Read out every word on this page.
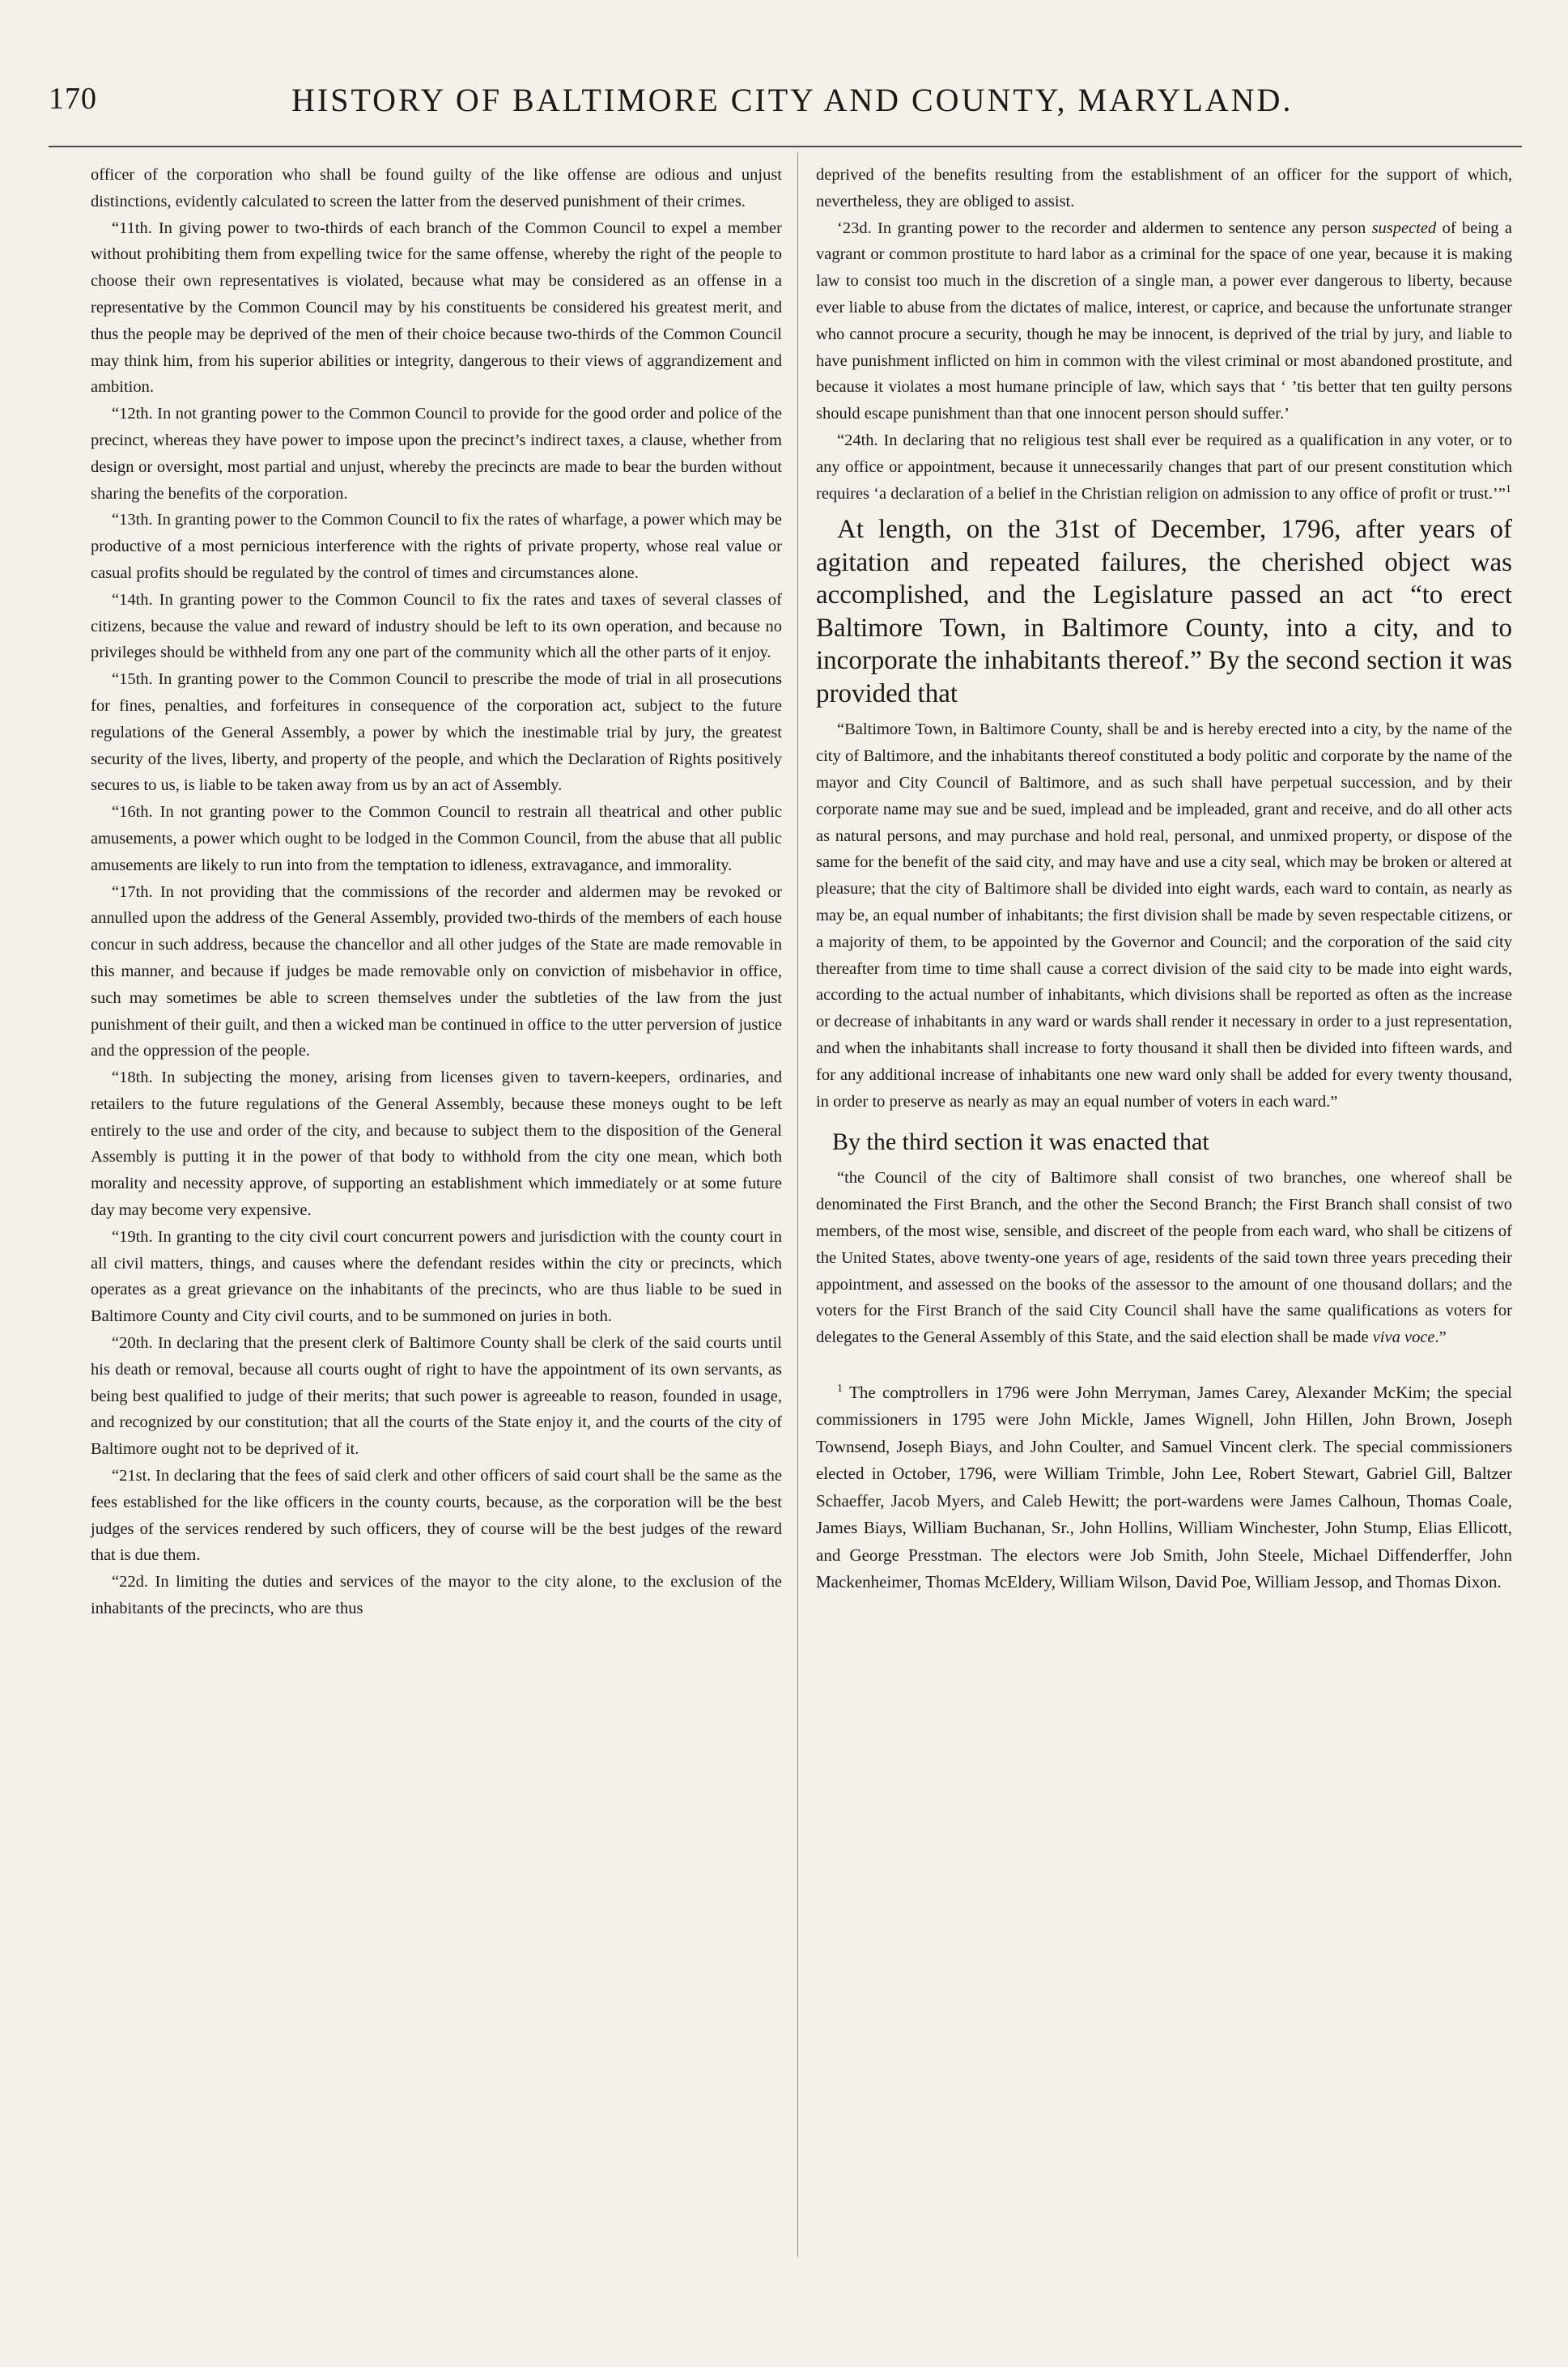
170	HISTORY OF BALTIMORE CITY AND COUNTY, MARYLAND.

officer of the corporation who shall be found guilty of the like offense are odious and unjust distinctions, evidently calculated to screen the latter from the deserved punishment of their crimes.

“11th. In giving power to two-thirds of each branch of the Common Council to expel a member without prohibiting them from expelling twice for the same offense, whereby the right of the people to choose their own representatives is violated, because what may be considered as an offense in a representative by the Common Council may by his constituents be considered his greatest merit, and thus the people may be deprived of the men of their choice because two-thirds of the Common Council may think him, from his superior abilities or integrity, dangerous to their views of aggrandizement and ambition.

“12th. In not granting power to the Common Council to provide for the good order and police of the precinct, whereas they have power to impose upon the precinct’s indirect taxes, a clause, whether from design or oversight, most partial and unjust, whereby the precincts are made to bear the burden without sharing the benefits of the corporation.

“13th. In granting power to the Common Council to fix the rates of wharfage, a power which may be productive of a most pernicious interference with the rights of private property, whose real value or casual profits should be regulated by the control of times and circumstances alone.

“14th. In granting power to the Common Council to fix the rates and taxes of several classes of citizens, because the value and reward of industry should be left to its own operation, and because no privileges should be withheld from any one part of the community which all the other parts of it enjoy.

“15th. In granting power to the Common Council to prescribe the mode of trial in all prosecutions for fines, penalties, and forfeitures in consequence of the corporation act, subject to the future regulations of the General Assembly, a power by which the inestimable trial by jury, the greatest security of the lives, liberty, and property of the people, and which the Declaration of Rights positively secures to us, is liable to be taken away from us by an act of Assembly.

“16th. In not granting power to the Common Council to restrain all theatrical and other public amusements, a power which ought to be lodged in the Common Council, from the abuse that all public amusements are likely to run into from the temptation to idleness, extravagance, and immorality.

“17th. In not providing that the commissions of the recorder and aldermen may be revoked or annulled upon the address of the General Assembly, provided two-thirds of the members of each house concur in such address, because the chancellor and all other judges of the State are made removable in this manner, and because if judges be made removable only on conviction of misbehavior in office, such may sometimes be able to screen themselves under the subtleties of the law from the just punishment of their guilt, and then a wicked man be continued in office to the utter perversion of justice and the oppression of the people.

“18th. In subjecting the money, arising from licenses given to tavern-keepers, ordinaries, and retailers to the future regulations of the General Assembly, because these moneys ought to be left entirely to the use and order of the city, and because to subject them to the disposition of the General Assembly is putting it in the power of that body to withhold from the city one mean, which both morality and necessity approve, of supporting an establishment which immediately or at some future day may become very expensive.

“19th. In granting to the city civil court concurrent powers and jurisdiction with the county court in all civil matters, things, and causes where the defendant resides within the city or precincts, which operates as a great grievance on the inhabitants of the precincts, who are thus liable to be sued in Baltimore County and City civil courts, and to be summoned on juries in both.

“20th. In declaring that the present clerk of Baltimore County shall be clerk of the said courts until his death or removal, because all courts ought of right to have the appointment of its own servants, as being best qualified to judge of their merits; that such power is agreeable to reason, founded in usage, and recognized by our constitution; that all the courts of the State enjoy it, and the courts of the city of Baltimore ought not to be deprived of it.

“21st. In declaring that the fees of said clerk and other officers of said court shall be the same as the fees established for the like officers in the county courts, because, as the corporation will be the best judges of the services rendered by such officers, they of course will be the best judges of the reward that is due them.

“22d. In limiting the duties and services of the mayor to the city alone, to the exclusion of the inhabitants of the precincts, who are thus

deprived of the benefits resulting from the establishment of an officer for the support of which, nevertheless, they are obliged to assist.

‘23d. In granting power to the recorder and aldermen to sentence any person suspected of being a vagrant or common prostitute to hard labor as a criminal for the space of one year, because it is making law to consist too much in the discretion of a single man, a power ever dangerous to liberty, because ever liable to abuse from the dictates of malice, interest, or caprice, and because the unfortunate stranger who cannot procure a security, though he may be innocent, is deprived of the trial by jury, and liable to have punishment inflicted on him in common with the vilest criminal or most abandoned prostitute, and because it violates a most humane principle of law, which says that ‘ ’tis better that ten guilty persons should escape punishment than that one innocent person should suffer.’

“24th. In declaring that no religious test shall ever be required as a qualification in any voter, or to any office or appointment, because it unnecessarily changes that part of our present constitution which requires ‘a declaration of a belief in the Christian religion on admission to any office of profit or trust.’”$^1$

At length, on the 31st of December, 1796, after years of agitation and repeated failures, the cherished object was accomplished, and the Legislature passed an act “to erect Baltimore Town, in Baltimore County, into a city, and to incorporate the inhabitants thereof.” By the second section it was provided that

“Baltimore Town, in Baltimore County, shall be and is hereby erected into a city, by the name of the city of Baltimore, and the inhabitants thereof constituted a body politic and corporate by the name of the mayor and City Council of Baltimore, and as such shall have perpetual succession, and by their corporate name may sue and be sued, implead and be impleaded, grant and receive, and do all other acts as natural persons, and may purchase and hold real, personal, and unmixed property, or dispose of the same for the benefit of the said city, and may have and use a city seal, which may be broken or altered at pleasure; that the city of Baltimore shall be divided into eight wards, each ward to contain, as nearly as may be, an equal number of inhabitants; the first division shall be made by seven respectable citizens, or a majority of them, to be appointed by the Governor and Council; and the corporation of the said city thereafter from time to time shall cause a correct division of the said city to be made into eight wards, according to the actual number of inhabitants, which divisions shall be reported as often as the increase or decrease of inhabitants in any ward or wards shall render it necessary in order to a just representation, and when the inhabitants shall increase to forty thousand it shall then be divided into fifteen wards, and for any additional increase of inhabitants one new ward only shall be added for every twenty thousand, in order to preserve as nearly as may an equal number of voters in each ward.”

By the third section it was enacted that

“the Council of the city of Baltimore shall consist of two branches, one whereof shall be denominated the First Branch, and the other the Second Branch; the First Branch shall consist of two members, of the most wise, sensible, and discreet of the people from each ward, who shall be citizens of the United States, above twenty-one years of age, residents of the said town three years preceding their appointment, and assessed on the books of the assessor to the amount of one thousand dollars; and the voters for the First Branch of the said City Council shall have the same qualifications as voters for delegates to the General Assembly of this State, and the said election shall be made viva voce.”

$^1$ The comptrollers in 1796 were John Merryman, James Carey, Alexander McKim; the special commissioners in 1795 were John Mickle, James Wignell, John Hillen, John Brown, Joseph Townsend, Joseph Biays, and John Coulter, and Samuel Vincent clerk. The special commissioners elected in October, 1796, were William Trimble, John Lee, Robert Stewart, Gabriel Gill, Baltzer Schaeffer, Jacob Myers, and Caleb Hewitt; the port-wardens were James Calhoun, Thomas Coale, James Biays, William Buchanan, Sr., John Hollins, William Winchester, John Stump, Elias Ellicott, and George Presstman. The electors were Job Smith, John Steele, Michael Diffenderffer, John Mackenheimer, Thomas McEldery, William Wilson, David Poe, William Jessop, and Thomas Dixon.
